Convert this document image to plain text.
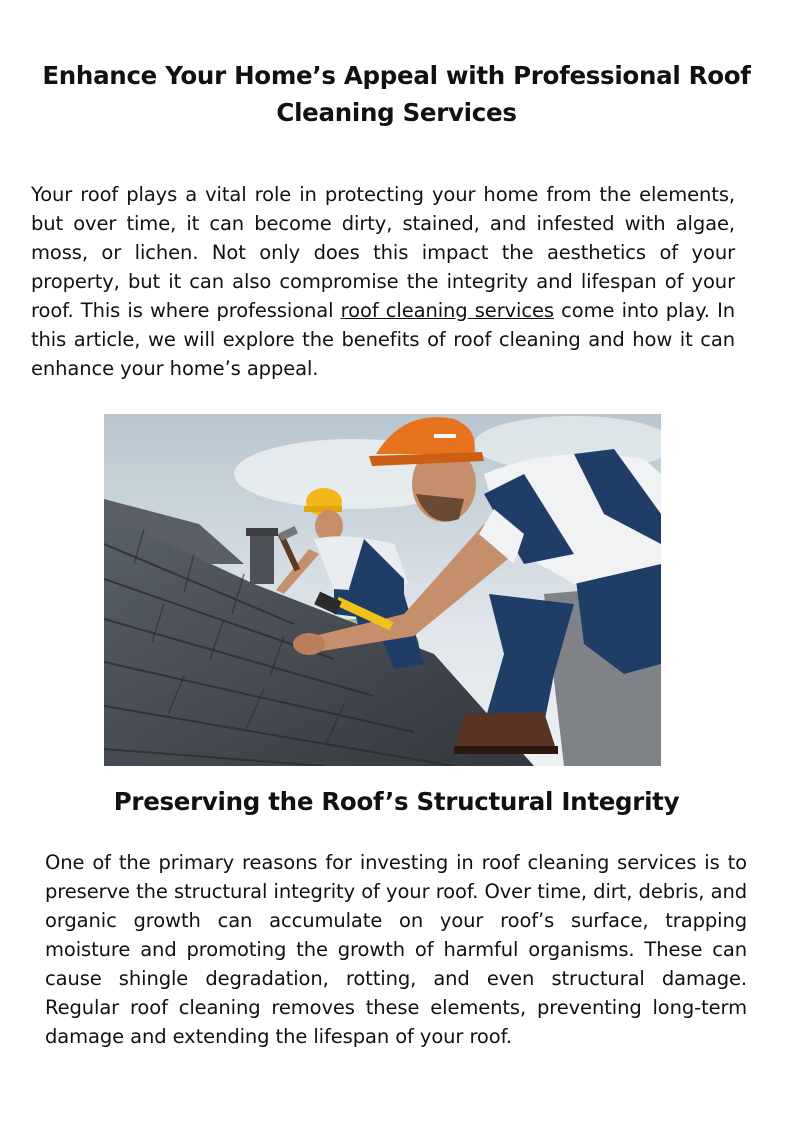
Enhance Your Home’s Appeal with Professional Roof Cleaning Services

Your roof plays a vital role in protecting your home from the elements, but over time, it can become dirty, stained, and infested with algae, moss, or lichen. Not only does this impact the aesthetics of your property, but it can also compromise the integrity and lifespan of your roof. This is where professional roof cleaning services come into play. In this article, we will explore the benefits of roof cleaning and how it can enhance your home’s appeal.

Preserving the Roof’s Structural Integrity

One of the primary reasons for investing in roof cleaning services is to preserve the structural integrity of your roof. Over time, dirt, debris, and organic growth can accumulate on your roof’s surface, trapping moisture and promoting the growth of harmful organisms. These can cause shingle degradation, rotting, and even structural damage. Regular roof cleaning removes these elements, preventing long-term damage and extending the lifespan of your roof.
